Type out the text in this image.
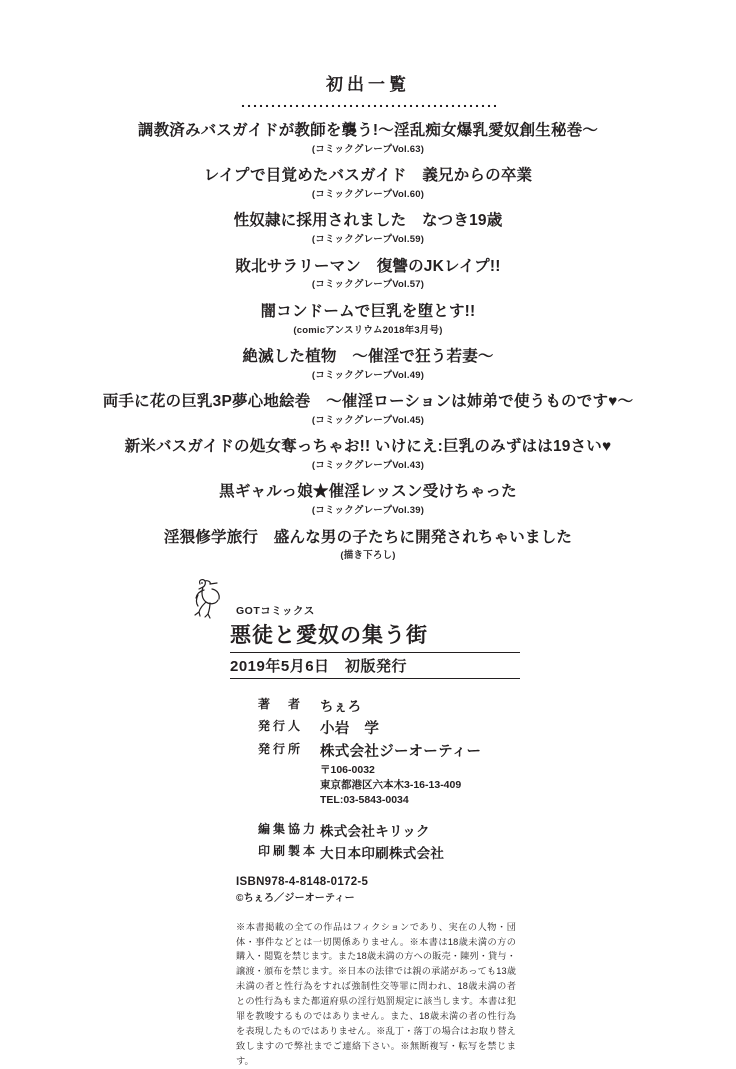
初出一覧
調教済みバスガイドが教師を襲う!〜淫乱痴女爆乳愛奴創生秘巻〜
(コミックグレープVol.63)
レイプで目覚めたバスガイド　義兄からの卒業
(コミックグレープVol.60)
性奴隷に採用されました　なつき19歳
(コミックグレープVol.59)
敗北サラリーマン　復讐のJKレイプ!!
(コミックグレープVol.57)
闇コンドームで巨乳を堕とす!!
(comicアンスリウム2018年3月号)
絶滅した植物　〜催淫で狂う若妻〜
(コミックグレープVol.49)
両手に花の巨乳3P夢心地絵巻　〜催淫ローションは姉弟で使うものです♥〜
(コミックグレープVol.45)
新米バスガイドの処女奪っちゃお!! いけにえ:巨乳のみずはは19さい♥
(コミックグレープVol.43)
黒ギャルっ娘★催淫レッスン受けちゃった
(コミックグレープVol.39)
淫猥修学旅行　盛んな男の子たちに開発されちゃいました
(描き下ろし)
GOTコミックス
悪徒と愛奴の集う街
2019年5月6日　初版発行
著　者	ちぇろ
発行人	小岩　学
発行所	株式会社ジーオーティー
〒106-0032
東京都港区六本木3-16-13-409
TEL:03-5843-0034
編集協力 株式会社キリック
印刷製本 大日本印刷株式会社
ISBN978-4-8148-0172-5
©ちぇろ／ジーオーティー
※本書掲載の全ての作品はフィクションであり、実在の人物・団体・事件などとは一切関係ありません。※本書は18歳未満の方の購入・閲覧を禁じます。また18歳未満の方への販売・陳列・貸与・譲渡・頒布を禁じます。※日本の法律では親の承諾があっても13歳未満の者と性行為をすれば強制性交等罪に問われ、18歳未満の者との性行為もまた都道府県の淫行処罰規定に該当します。本書は犯罪を教唆するものではありません。また、18歳未満の者の性行為を表現したものではありません。※乱丁・落丁の場合はお取り替え致しますので弊社までご連絡下さい。※無断複写・転写を禁じます。
